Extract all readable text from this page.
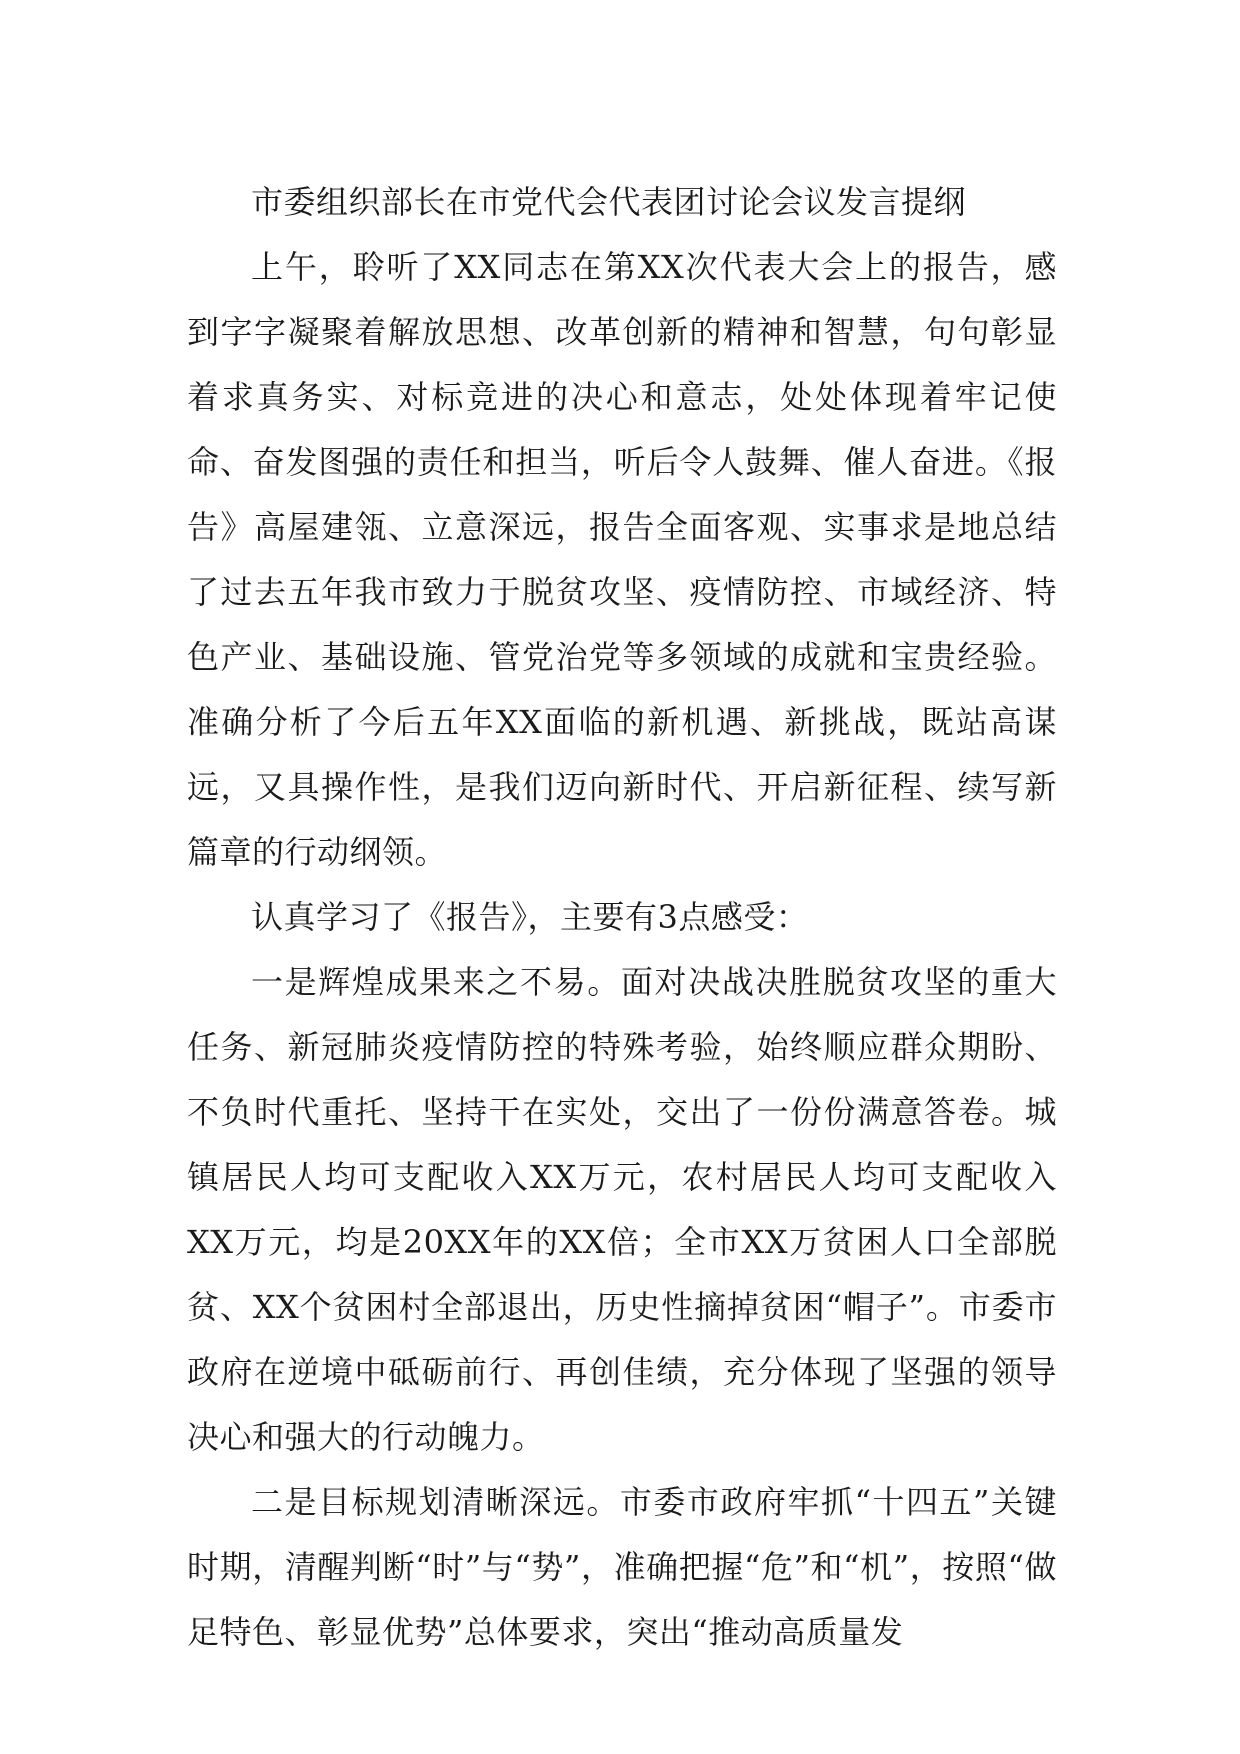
市委组织部长在市党代会代表团讨论会议发言提纲

上午，聆听了XX同志在第XX次代表大会上的报告，感到字字凝聚着解放思想、改革创新的精神和智慧，句句彰显着求真务实、对标竞进的决心和意志，处处体现着牢记使命、奋发图强的责任和担当，听后令人鼓舞、催人奋进。《报告》高屋建瓴、立意深远，报告全面客观、实事求是地总结了过去五年我市致力于脱贫攻坚、疫情防控、市域经济、特色产业、基础设施、管党治党等多领域的成就和宝贵经验。准确分析了今后五年XX面临的新机遇、新挑战，既站高谋远，又具操作性，是我们迈向新时代、开启新征程、续写新篇章的行动纲领。

认真学习了《报告》，主要有3点感受：

一是辉煌成果来之不易。面对决战决胜脱贫攻坚的重大任务、新冠肺炎疫情防控的特殊考验，始终顺应群众期盼、不负时代重托、坚持干在实处，交出了一份份满意答卷。城镇居民人均可支配收入XX万元，农村居民人均可支配收入XX万元，均是20XX年的XX倍；全市XX万贫困人口全部脱贫、XX个贫困村全部退出，历史性摘掉贫困“帽子”。市委市政府在逆境中砥砺前行、再创佳绩，充分体现了坚强的领导决心和强大的行动魄力。

二是目标规划清晰深远。市委市政府牢抓“十四五”关键时期，清醒判断“时”与“势”，准确把握“危”和“机”，按照“做足特色、彰显优势”总体要求，突出“推动高质量发
